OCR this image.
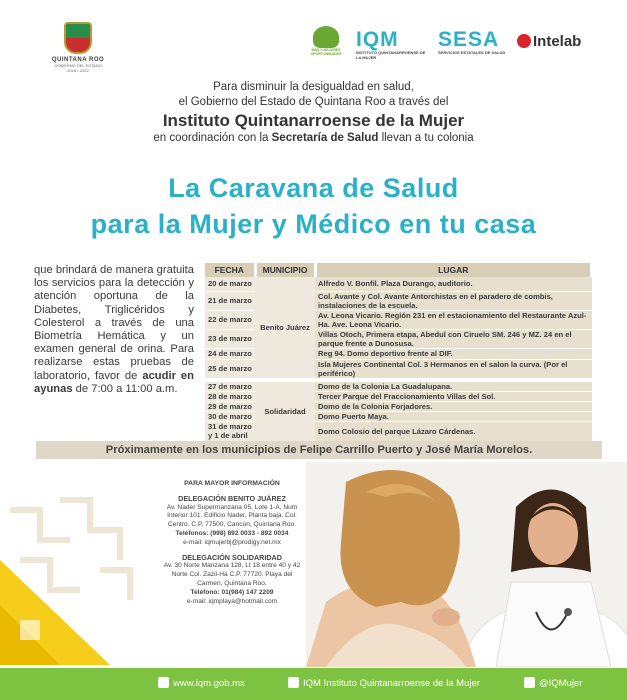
QUINTANA ROO
GOBIERNO DEL ESTADO
2016 • 2022
MÁS Y MEJORES OPORTUNIDADES
IQM
INSTITUTO QUINTANARROENSE DE LA MUJER
SESA
SERVICIOS ESTATALES DE SALUD
Intelab
Para disminuir la desigualdad en salud,
el Gobierno del Estado de Quintana Roo a través del
Instituto Quintanarroense de la Mujer
en coordinación con la Secretaría de Salud llevan a tu colonia
La Caravana de Salud
para la Mujer y Médico en tu casa
que brindará de manera gratuita los servicios para la detección y atención oportuna de la Diabetes, Triglicéridos y Colesterol a través de una Biometría Hemática y un examen general de orina. Para realizarse estas pruebas de laboratorio, favor de acudir en ayunas de 7:00 a 11:00 a.m.
FECHA	MUNICIPIO	LUGAR
20 de marzo	Benito Juárez	Alfredo V. Bonfil. Plaza Durango, auditorio.
21 de marzo		Col. Avante y Col. Avante Antorchistas en el paradero de combis, instalaciones de la escuela.
22 de marzo		Av. Leona Vicario. Región 231 en el estacionamiento del Restaurante Azul-Ha. Ave. Leona Vicario.
23 de marzo		Villas Otoch, Primera etapa, Abedul con Ciruelo SM. 246 y MZ. 24 en el parque frente a Dunosusa.
24 de marzo		Reg 94. Domo deportivo frente al DIF.
25 de marzo		Isla Mujeres Continental Col. 3 Hermanos en el salon la curva. (Por el periférico)
27 de marzo	Solidaridad	Domo de la Colonia La Guadalupana.
28 de marzo		Tercer Parque del Fraccionamiento Villas del Sol.
29 de marzo		Domo de la Colonia Forjadores.
30 de marzo		Domo Puerto Maya.
31 de marzo y 1 de abril		Domo Colosio del parque Lázaro Cárdenas.
Próximamente en los municipios de Felipe Carrillo Puerto y José María Morelos.
PARA MAYOR INFORMACIÓN
DELEGACIÓN BENITO JUÁREZ
Av. Nader Supermanzana 05, Lote 1-A, Num Interior 101. Edificio Nader, Planta baja. Col. Centro. C.P. 77500, Cancún, Quintana Roo.
Teléfonos: (998) 892 0033 - 892 0034
e-mail: iqmujerbj@prodigy.net.mx
DELEGACIÓN SOLIDARIDAD
Av. 30 Norte Manzana 128, Lt 18 entre 40 y 42 Norte Col. Zazil-Ha C.P. 77720. Playa del Carmen, Quintana Roo.
Teléfono: 01(984) 147 2209
e-mail: iqmplaya@hotmail.com
www.iqm.gob.mx	IQM Instituto Quintanarroense de la Mujer	@IQMujer
